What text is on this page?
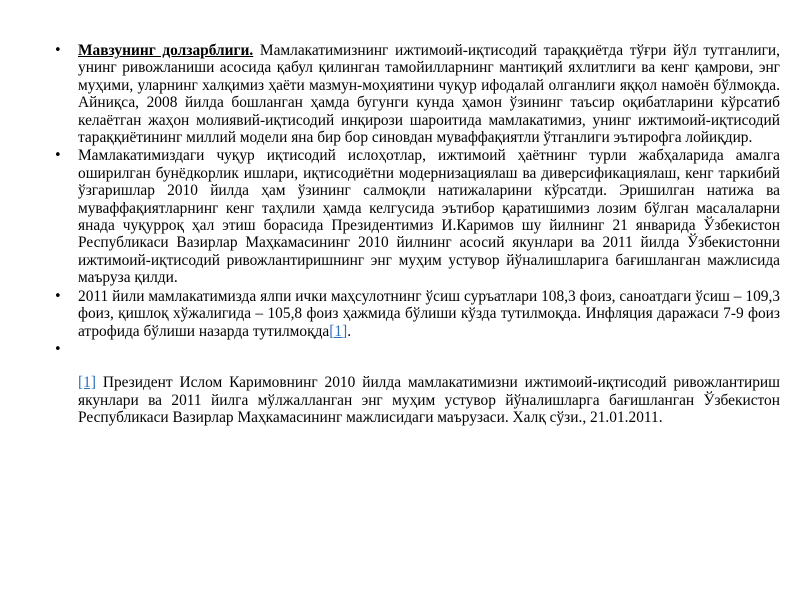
• Мавзунинг долзарблиги. Мамлакатимизнинг ижтимоий-иқтисодий тараққиётда тўғри йўл тутганлиги, унинг ривожланиши асосида қабул қилинган тамойилларнинг мантиқий яхлитлиги ва кенг қамрови, энг муҳими, уларнинг халқимиз ҳаёти мазмун-моҳиятини чуқур ифодалай олганлиги яққол намоён бўлмоқда. Айниқса, 2008 йилда бошланган ҳамда бугунги кунда ҳамон ўзининг таъсир оқибатларини кўрсатиб келаётган жаҳон молиявий-иқтисодий инқирози шароитида мамлакатимиз, унинг ижтимоий-иқтисодий тараққиётининг миллий модели яна бир бор синовдан муваффақиятли ўтганлиги эътирофга лойиқдир.
• Мамлакатимиздаги чуқур иқтисодий ислоҳотлар, ижтимоий ҳаётнинг турли жабҳаларида амалга оширилган бунёдкорлик ишлари, иқтисодиётни модернизациялаш ва диверсификациялаш, кенг таркибий ўзгаришлар 2010 йилда ҳам ўзининг салмоқли натижаларини кўрсатди. Эришилган натижа ва муваффақиятларнинг кенг таҳлили ҳамда келгусида эътибор қаратишимиз лозим бўлган масалаларни янада чуқурроқ ҳал этиш борасида Президентимиз И.Каримов шу йилнинг 21 январида Ўзбекистон Республикаси Вазирлар Маҳкамасининг 2010 йилнинг асосий якунлари ва 2011 йилда Ўзбекистонни ижтимоий-иқтисодий ривожлантиришнинг энг муҳим устувор йўналишларига бағишланган мажлисида маъруза қилди.
• 2011 йили мамлакатимизда ялпи ички маҳсулотнинг ўсиш суръатлари 108,3 фоиз, саноатдаги ўсиш – 109,3 фоиз, қишлоқ хўжалигида – 105,8 фоиз ҳажмида бўлиши кўзда тутилмоқда. Инфляция даражаси 7-9 фоиз атрофида бўлиши назарда тутилмоқда[1].
•
[1] Президент Ислом Каримовнинг 2010 йилда мамлакатимизни ижтимоий-иқтисодий ривожлантириш якунлари ва 2011 йилга мўлжалланган энг муҳим устувор йўналишларга бағишланган Ўзбекистон Республикаси Вазирлар Маҳкамасининг мажлисидаги маърузаси. Халқ сўзи., 21.01.2011.
